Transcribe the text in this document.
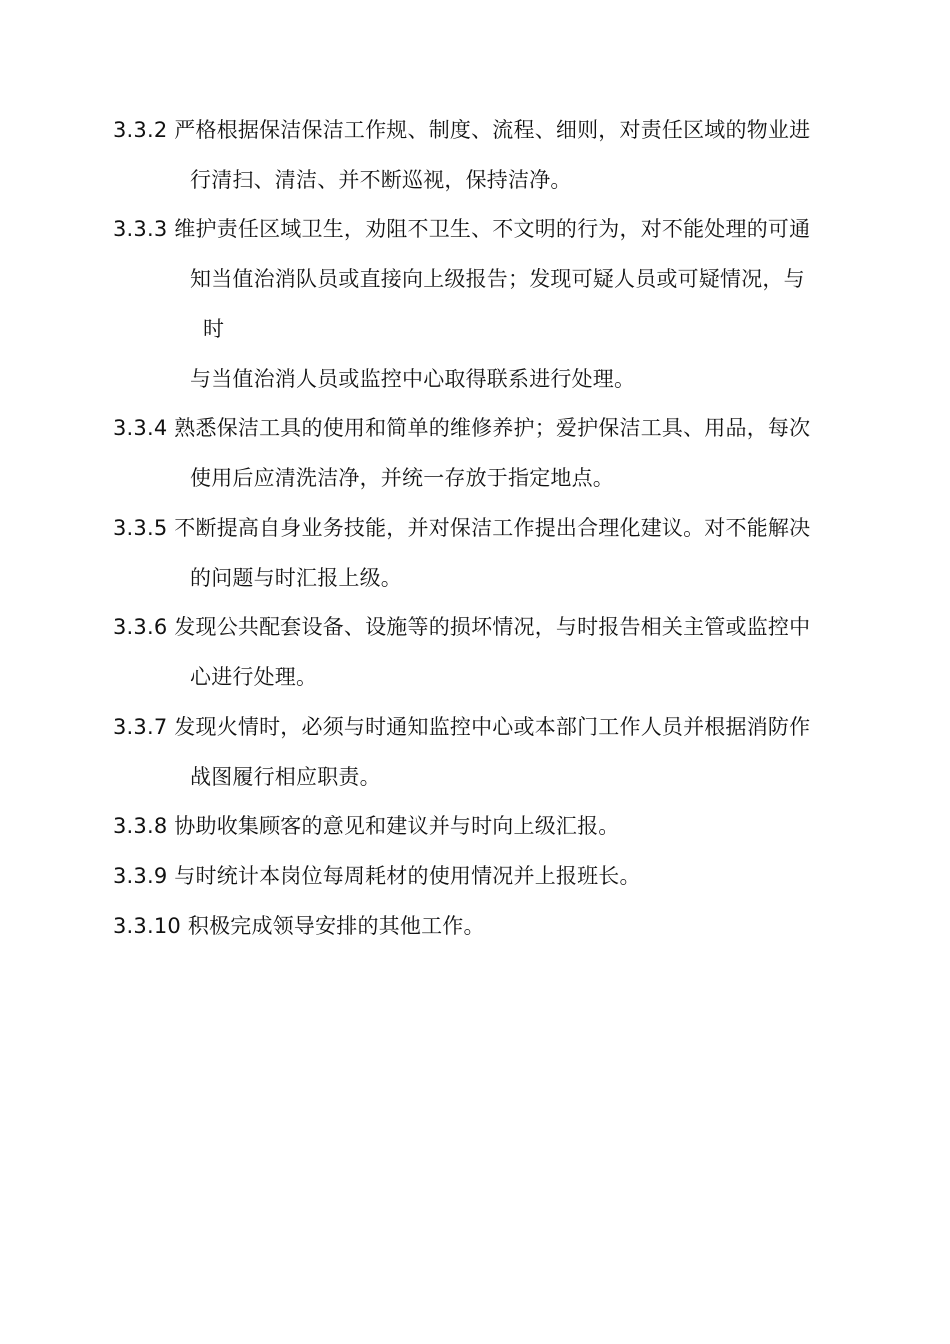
3.3.2 严格根据保洁保洁工作规、制度、流程、细则，对责任区域的物业进
行清扫、清洁、并不断巡视，保持洁净。
3.3.3 维护责任区域卫生，劝阻不卫生、不文明的行为，对不能处理的可通
知当值治消队员或直接向上级报告；发现可疑人员或可疑情况，与
时
与当值治消人员或监控中心取得联系进行处理。
3.3.4 熟悉保洁工具的使用和简单的维修养护；爱护保洁工具、用品，每次
使用后应清洗洁净，并统一存放于指定地点。
3.3.5 不断提高自身业务技能，并对保洁工作提出合理化建议。对不能解决
的问题与时汇报上级。
3.3.6 发现公共配套设备、设施等的损坏情况，与时报告相关主管或监控中
心进行处理。
3.3.7 发现火情时，必须与时通知监控中心或本部门工作人员并根据消防作
战图履行相应职责。
3.3.8 协助收集顾客的意见和建议并与时向上级汇报。
3.3.9 与时统计本岗位每周耗材的使用情况并上报班长。
3.3.10 积极完成领导安排的其他工作。
